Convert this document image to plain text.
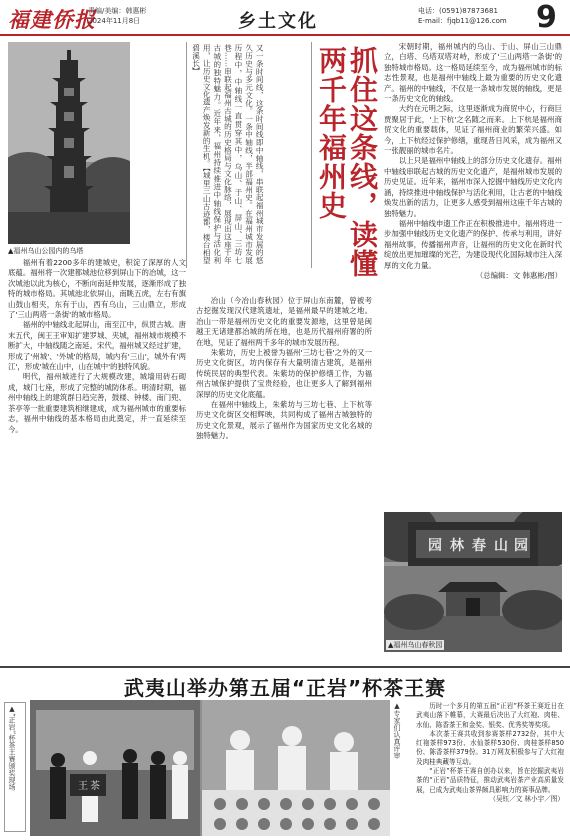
福建侨报
责编/美编：韩惠彬
2024年11月8日	乡土文化	电话：(0591)87873681
E-mail：fjqb11@126.com 9
▲福州乌山公园内的乌塔	又一条时间线，这条时间线即中轴线，串联起福州城市发展的悠久历史与多元文化。一条中轴线，半部福州史。在福州城市发展历程中，中轴线一直贯穿其中，乌山、于山、屏山、三坊七巷……串联起福州古城的历史格局与文化脉络，展现出这座千年古城的独特魅力。近年来，福州持续推进中轴线保护与活化利用，让历史文化遗产焕发新的生机。【城里三山古迹都，楼台相望碧溪长】	抓住这条线，读懂两千年福州史

福州有着2200多年的建城史，积淀了深厚的人文底蕴。福州将一次建都城池位移到屏山下的冶城，这一次城池以此为核心，不断向南延伸发展，逐渐形成了独特的城市格局。其城池北依屏山，南眺五虎，左右有旗山鼓山相夹，东有于山，西有乌山，三山鼎立，形成了'三山两塔一条街'的城市格局。

福州的中轴线北起屏山，南至江中，纵贯古城。唐末五代，闽王王审知扩建罗城、夹城，福州城市规模不断扩大，中轴线随之南延。宋代，福州城又经过扩建，形成了'州城'、'外城'的格局，城内有'三山'，城外有'两江'，形成'城在山中，山在城中'的独特风貌。

明代，福州城进行了大规模改建，城墙用砖石砌成，城门七座，形成了完整的城防体系。明清时期，福州中轴线上的建筑群日趋完善，鼓楼、钟楼、南门兜、茶亭等一批重要建筑相继建成，成为福州城市的重要标志，福州中轴线的基本格局由此奠定，并一直延续至今。

冶山（今冶山春秋园）位于屏山东南麓，曾被考古挖掘发现汉代建筑遗址，是福州最早的建城之地。冶山一带是福州历史文化的重要发源地，这里曾是闽越王无诸建都冶城的所在地，也是历代福州府署的所在地，见证了福州两千多年的城市发展历程。

朱紫坊，历史上被誉为福州'三坊七巷'之外的又一历史文化街区，坊内保存有大量明清古建筑，是福州传统民居的典型代表。朱紫坊的保护修缮工作，为福州古城保护提供了宝贵经验，也让更多人了解到福州深厚的历史文化底蕴。

在福州中轴线上，朱紫坊与三坊七巷、上下杭等历史文化街区交相辉映，共同构成了福州古城独特的历史文化景观，展示了福州作为国家历史文化名城的独特魅力。

宋朝时期，福州城内的乌山、于山、屏山三山鼎立，白塔、乌塔双塔对峙，形成了'三山两塔一条街'的独特城市格局。这一格局延续至今，成为福州城市的标志性景观，也是福州中轴线上最为重要的历史文化遗产。福州的中轴线，不仅是一条城市发展的轴线，更是一条历史文化的轴线。

大约在元明之际，这里逐渐成为商贸中心，行商巨贾聚居于此，'上下杭'之名随之而来。上下杭是福州商贸文化的重要载体，见证了福州商业的繁荣兴盛。如今，上下杭经过保护修缮，重现昔日风采，成为福州又一张靓丽的城市名片。

以上只是福州中轴线上的部分历史文化遗存。福州中轴线串联起古城的历史文化遗产，是福州城市发展的历史见证。近年来，福州市深入挖掘中轴线历史文化内涵，持续推进中轴线保护与活化利用，让古老的中轴线焕发出新的活力，让更多人感受到福州这座千年古城的独特魅力。

福州中轴线申遗工作正在积极推进中。福州将进一步加强中轴线历史文化遗产的保护、传承与利用，讲好福州故事，传播福州声音，让福州的历史文化在新时代绽放出更加璀璨的光芒，为建设现代化国际城市注入深厚的文化力量。

（总编辑：文 韩惠彬/图）

园 林 春 山 园
▲福州乌山春秋园
武夷山举办第五届“正岩”杯茶王赛
▲“正岩”杯茶王赛颁奖现场	王 茶
▲专家们认真评审	历时一个多月的第五届“正岩”杯茶王赛近日在武夷山落下帷幕，大赛最后决出了大红袍、肉桂、水仙、陈香茶王和金奖、银奖、优秀奖等奖项。

本次茶王赛共收到参赛茶样2732份，其中大红袍茶样973份、水仙茶样530份、肉桂茶样850份、陈香茶样379份。31万网友积极参与了大红袍及肉桂典藏等互动。

“正岩”杯茶王赛自创办以来，旨在挖掘武夷岩茶的“正岩”品质特征，推动武夷岩茶产业高质量发展，已成为武夷山茶界颇具影响力的赛事品牌。

（吴钰／文 林小宇／图）
